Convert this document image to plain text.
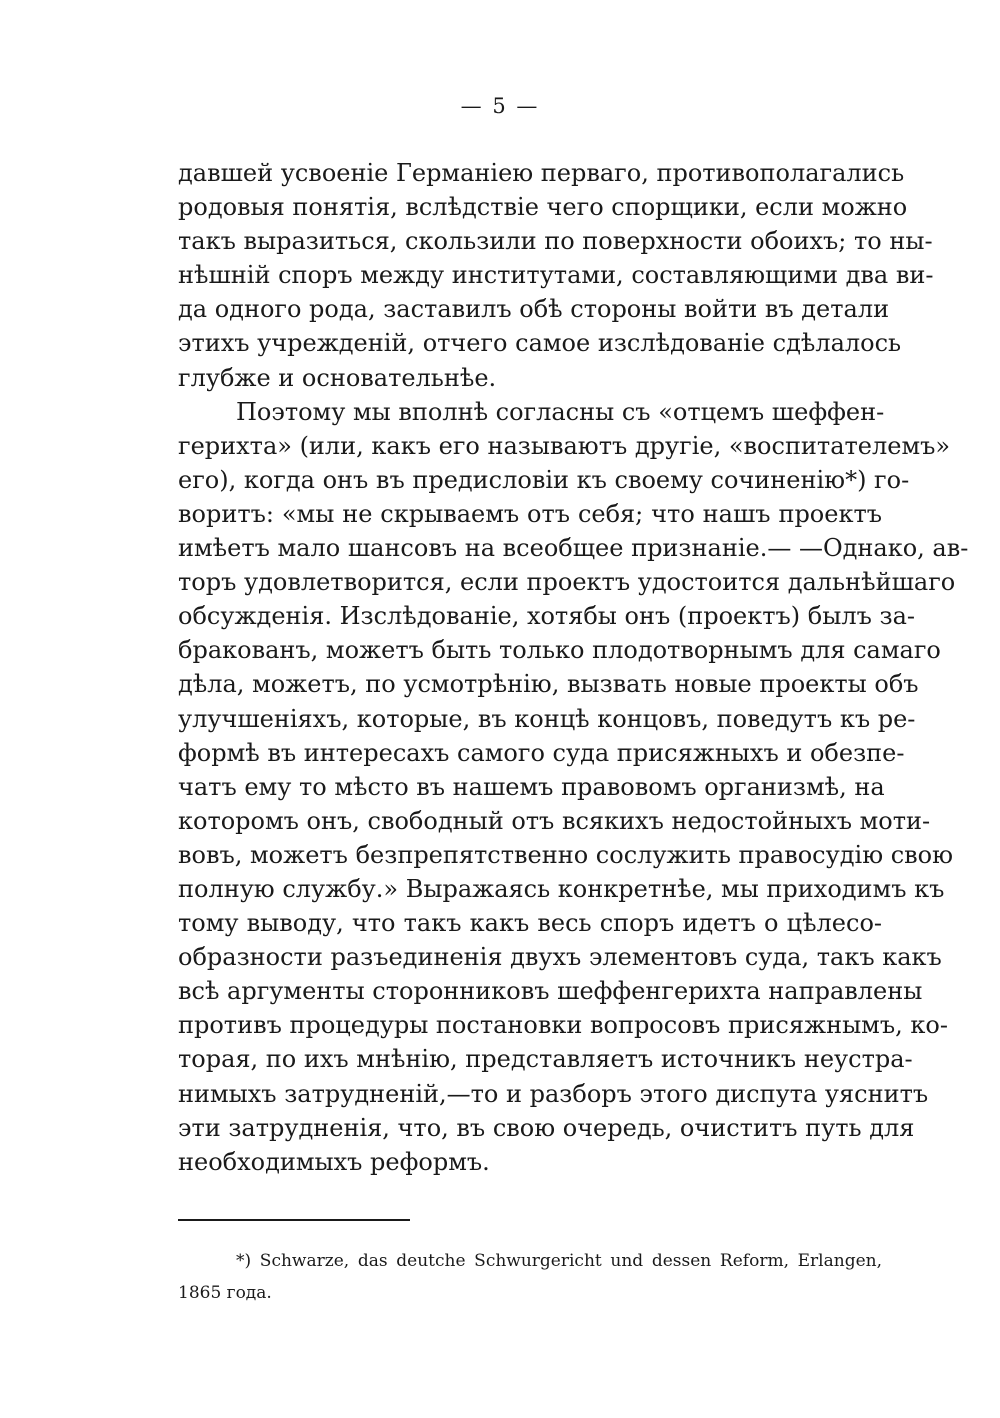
— 5 —
давшей усвоеніе Германіею перваго, противополагались
родовыя понятія, вслѣдствіе чего спорщики, если можно
такъ выразиться, скользили по поверхности обоихъ; то ны-
нѣшній споръ между институтами, составляющими два ви-
да одного рода, заставилъ обѣ стороны войти въ детали
этихъ учрежденій, отчего самое изслѣдованіе сдѣлалось
глубже и основательнѣе.
Поэтому мы вполнѣ согласны съ «отцемъ шеффен-
герихта» (или, какъ его называютъ другіе, «воспитателемъ»
его), когда онъ въ предисловіи къ своему сочиненію*) го-
воритъ: «мы не скрываемъ отъ себя; что нашъ проектъ
имѣетъ мало шансовъ на всеобщее признаніе.— —Однако, ав-
торъ удовлетворится, если проектъ удостоится дальнѣйшаго
обсужденія. Изслѣдованіе, хотябы онъ (проектъ) былъ за-
бракованъ, можетъ быть только плодотворнымъ для самаго
дѣла, можетъ, по усмотрѣнію, вызвать новые проекты объ
улучшеніяхъ, которые, въ концѣ концовъ, поведутъ къ ре-
формѣ въ интересахъ самого суда присяжныхъ и обезпе-
чатъ ему то мѣсто въ нашемъ правовомъ организмѣ, на
которомъ онъ, свободный отъ всякихъ недостойныхъ моти-
вовъ, можетъ безпрепятственно сослужить правосудію свою
полную службу.» Выражаясь конкретнѣе, мы приходимъ къ
тому выводу, что такъ какъ весь споръ идетъ о цѣлесо-
образности разъединенія двухъ элементовъ суда, такъ какъ
всѣ аргументы сторонниковъ шеффенгерихта направлены
противъ процедуры постановки вопросовъ присяжнымъ, ко-
торая, по ихъ мнѣнію, представляетъ источникъ неустра-
нимыхъ затрудненій,—то и разборъ этого диспута уяснитъ
эти затрудненія, что, въ свою очередь, очиститъ путь для
необходимыхъ реформъ.
*) Schwarze, das deutche Schwurgericht und dessen Reform, Erlangen,
1865 года.
